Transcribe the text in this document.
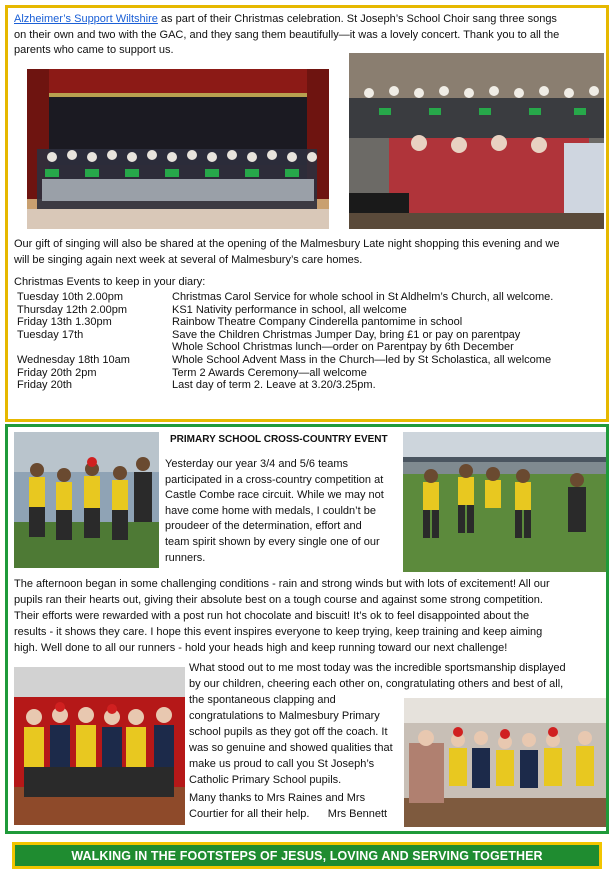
Alzheimer’s Support Wiltshire as part of their Christmas celebration. St Joseph’s School Choir sang three songs
on their own and two with the GAC, and they sang them beautifully—it was a lovely concert. Thank you to all the
parents who came to support us.
Our gift of singing will also be shared at the opening of the Malmesbury Late night shopping this evening and we
will be singing again next week at several of Malmesbury’s care homes.
Christmas Events to keep in your diary:
Tuesday 10th 2.00pm	Christmas Carol Service for whole school in St Aldhelm’s Church, all welcome.
Thursday 12th 2.00pm	KS1 Nativity performance in school, all welcome
Friday 13th 1.30pm	Rainbow Theatre Company Cinderella pantomime in school
Tuesday 17th	Save the Children Christmas Jumper Day, bring £1 or pay on parentpay
Whole School Christmas lunch—order on Parentpay by 6th December
Wednesday 18th 10am	Whole School Advent Mass in the Church—led by St Scholastica, all welcome
Friday 20th 2pm	Term 2 Awards Ceremony—all welcome
Friday 20th	Last day of term 2. Leave at 3.20/3.25pm.
PRIMARY SCHOOL CROSS-COUNTRY EVENT
Yesterday our year 3/4 and 5/6 teams
participated in a cross-country competition at
Castle Combe race circuit. While we may not
have come home with medals, I couldn’t be
proudeer of the determination, effort and
team spirit shown by every single one of our
runners.
The afternoon began in some challenging conditions - rain and strong winds but with lots of excitement! All our
pupils ran their hearts out, giving their absolute best on a tough course and against some strong competition.
Their efforts were rewarded with a post run hot chocolate and biscuit! It’s ok to feel disappointed about the
results - it shows they care. I hope this event inspires everyone to keep trying, keep training and keep aiming
high. Well done to all our runners - hold your heads high and keep running toward our next challenge!
What stood out to me most today was the incredible sportsmanship displayed
by our children, cheering each other on, congratulating others and best of all,
the spontaneous clapping and
congratulations to Malmesbury Primary
school pupils as they got off the coach. It
was so genuine and showed qualities that
make us proud to call you St Joseph’s
Catholic Primary School pupils.
Many thanks to Mrs Raines and Mrs
Courtier for all their help. Mrs Bennett
WALKING IN THE FOOTSTEPS OF JESUS, LOVING AND SERVING TOGETHER
